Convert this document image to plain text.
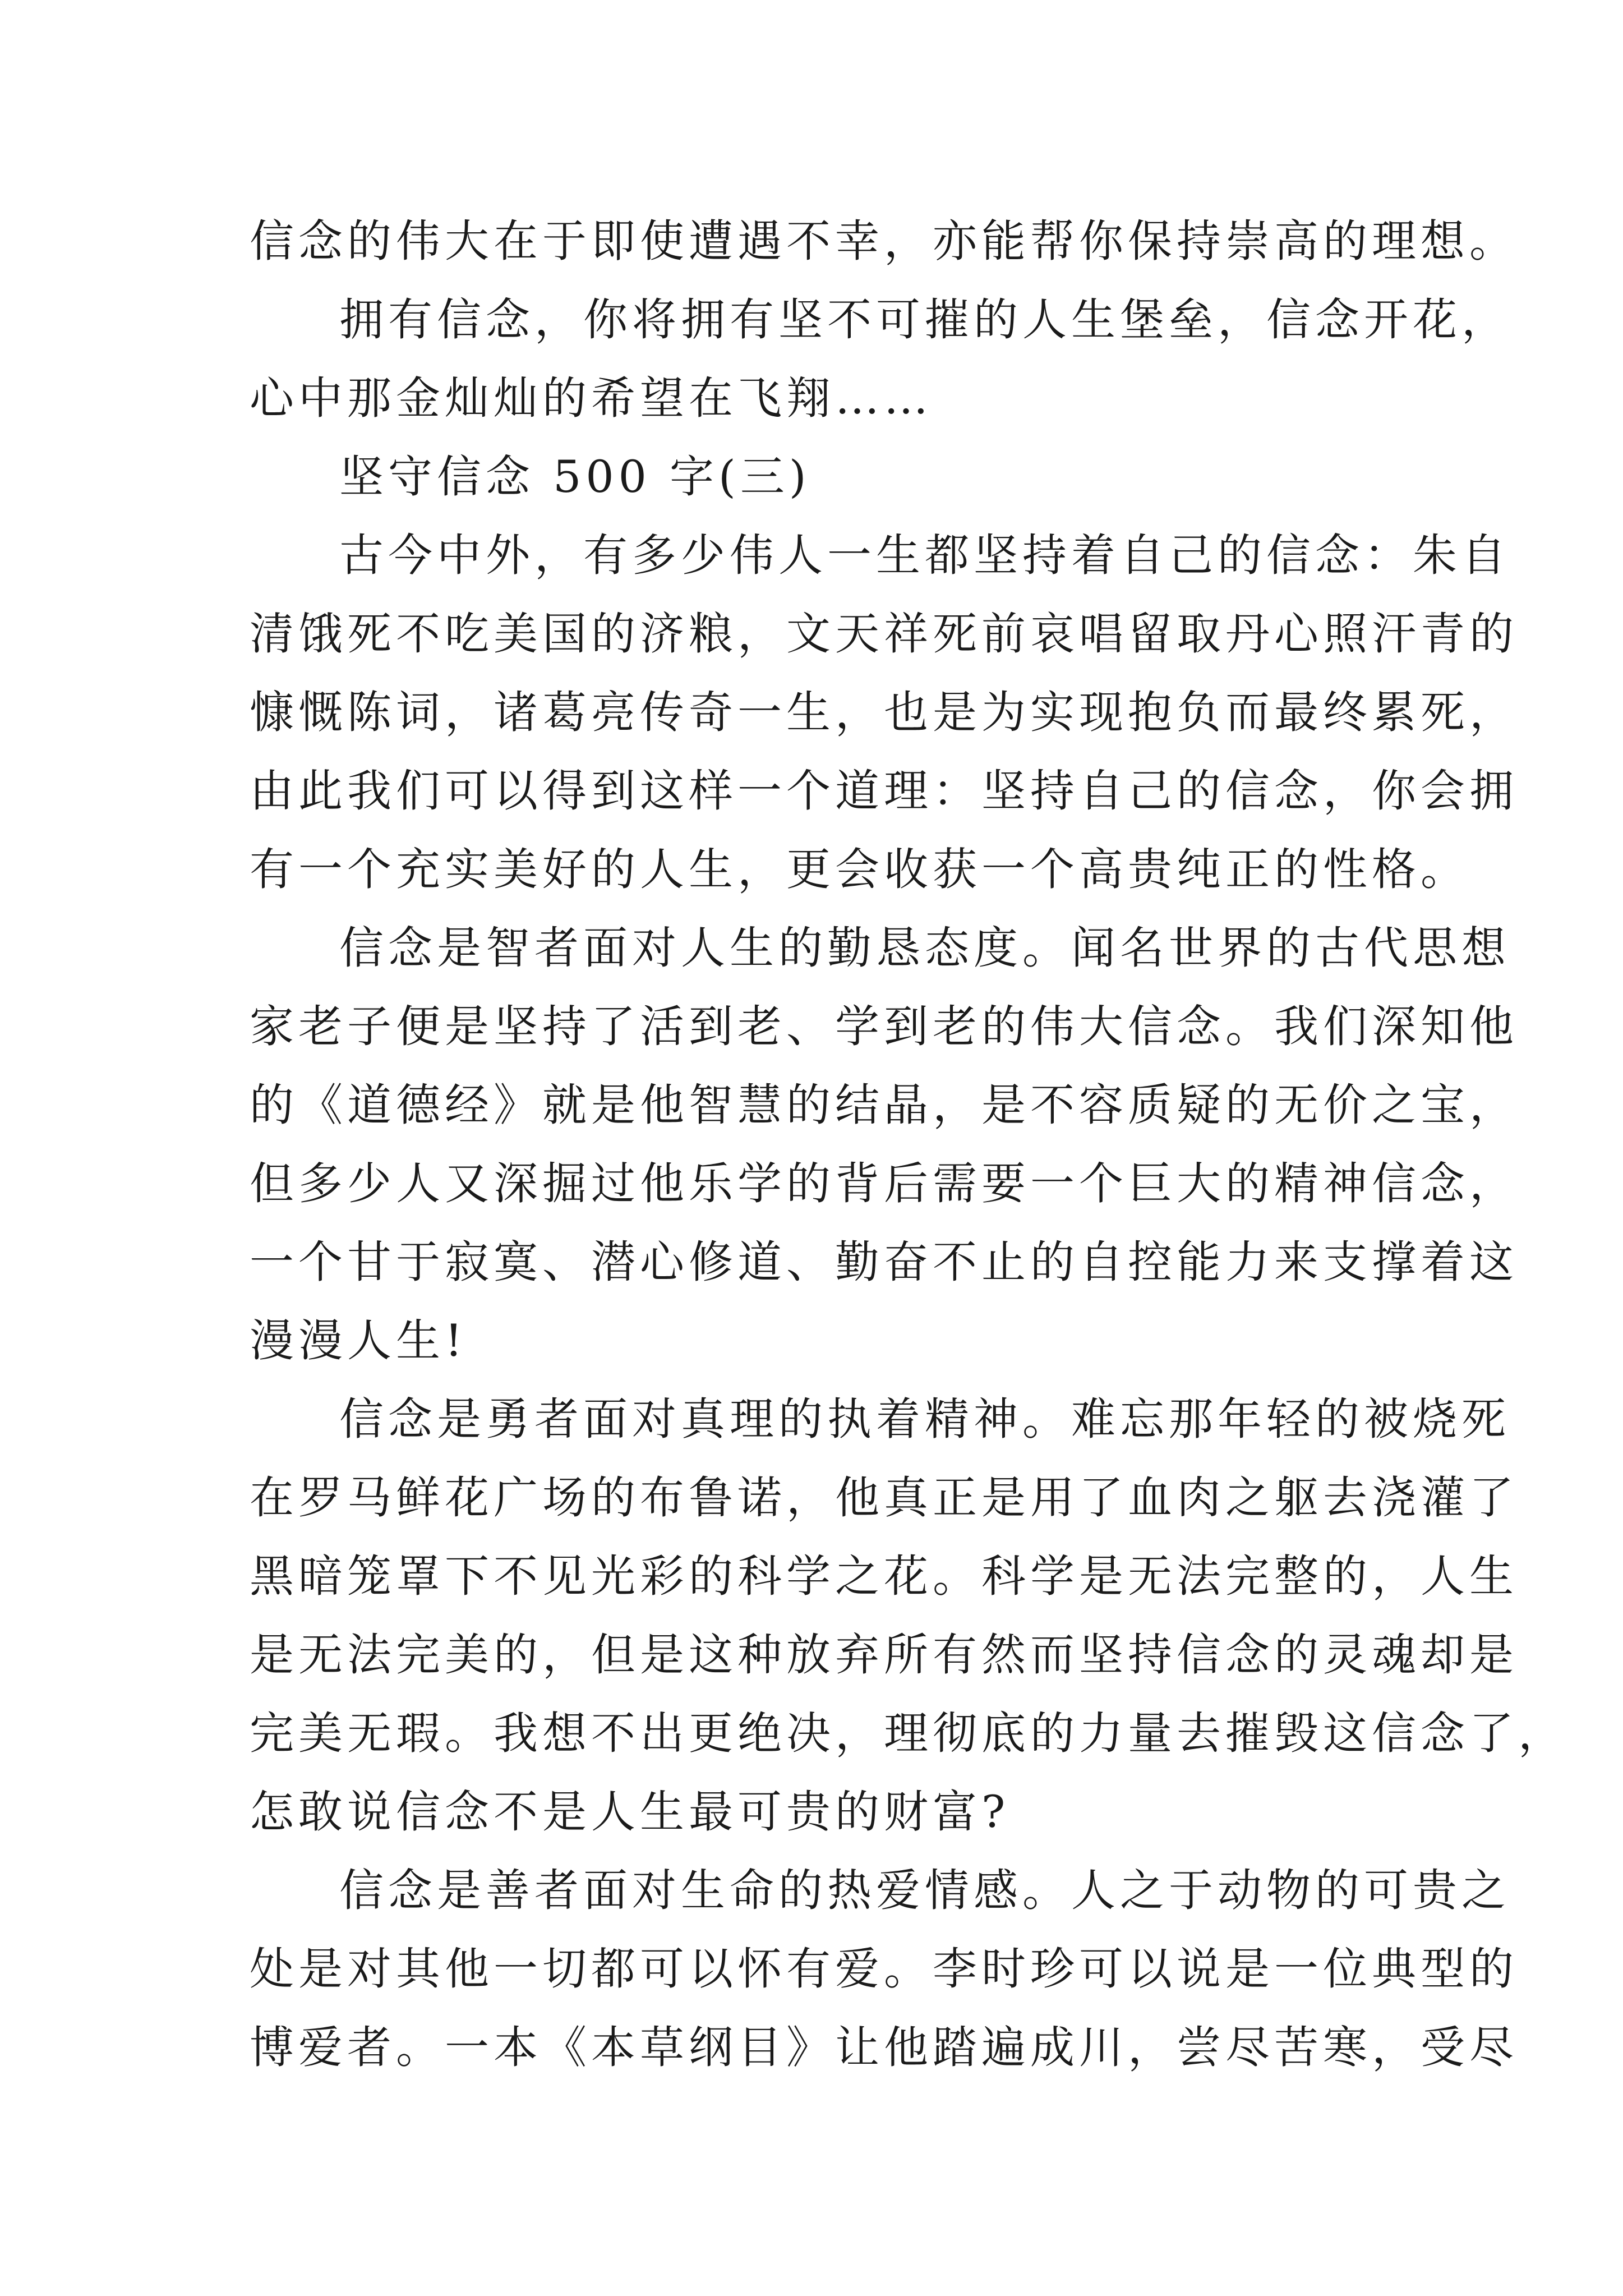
信念的伟大在于即使遭遇不幸，亦能帮你保持崇高的理想。
拥有信念，你将拥有坚不可摧的人生堡垒，信念开花，
心中那金灿灿的希望在飞翔……
坚守信念 500 字(三)
古今中外，有多少伟人一生都坚持着自己的信念：朱自
清饿死不吃美国的济粮，文天祥死前哀唱留取丹心照汗青的
慷慨陈词，诸葛亮传奇一生，也是为实现抱负而最终累死，
由此我们可以得到这样一个道理：坚持自己的信念，你会拥
有一个充实美好的人生，更会收获一个高贵纯正的性格。
信念是智者面对人生的勤恳态度。闻名世界的古代思想
家老子便是坚持了活到老、学到老的伟大信念。我们深知他
的《道德经》就是他智慧的结晶，是不容质疑的无价之宝，
但多少人又深掘过他乐学的背后需要一个巨大的精神信念，
一个甘于寂寞、潜心修道、勤奋不止的自控能力来支撑着这
漫漫人生!
信念是勇者面对真理的执着精神。难忘那年轻的被烧死
在罗马鲜花广场的布鲁诺，他真正是用了血肉之躯去浇灌了
黑暗笼罩下不见光彩的科学之花。科学是无法完整的，人生
是无法完美的，但是这种放弃所有然而坚持信念的灵魂却是
完美无瑕。我想不出更绝决，理彻底的力量去摧毁这信念了，
怎敢说信念不是人生最可贵的财富?
信念是善者面对生命的热爱情感。人之于动物的可贵之
处是对其他一切都可以怀有爱。李时珍可以说是一位典型的
博爱者。一本《本草纲目》让他踏遍成川，尝尽苦寒，受尽
